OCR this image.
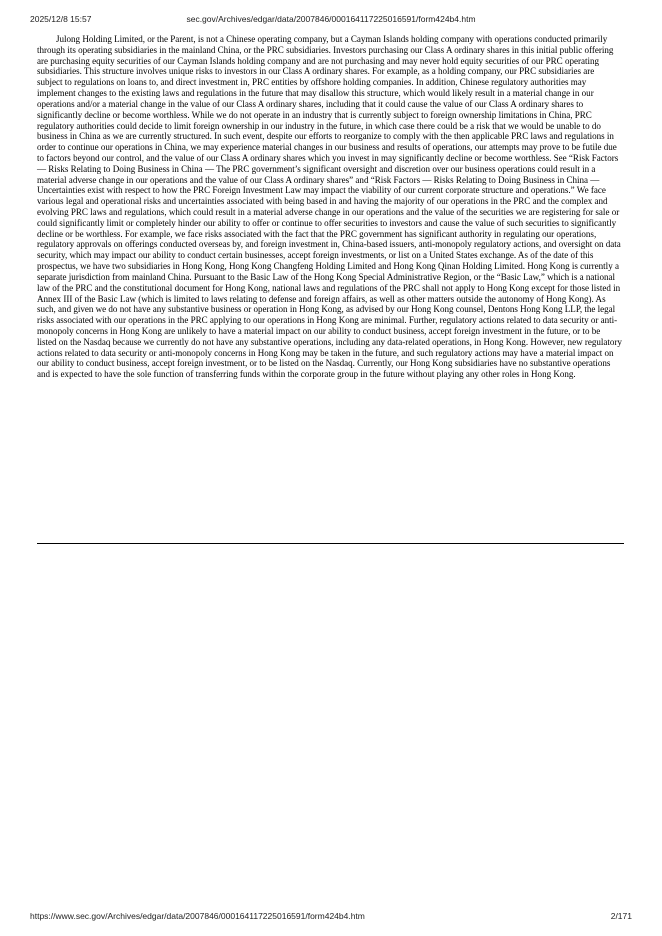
2025/12/8 15:57	sec.gov/Archives/edgar/data/2007846/000164117225016591/form424b4.htm

Julong Holding Limited, or the Parent, is not a Chinese operating company, but a Cayman Islands holding company with operations conducted primarily through its operating subsidiaries in the mainland China, or the PRC subsidiaries. Investors purchasing our Class A ordinary shares in this initial public offering are purchasing equity securities of our Cayman Islands holding company and are not purchasing and may never hold equity securities of our PRC operating subsidiaries. This structure involves unique risks to investors in our Class A ordinary shares. For example, as a holding company, our PRC subsidiaries are subject to regulations on loans to, and direct investment in, PRC entities by offshore holding companies. In addition, Chinese regulatory authorities may implement changes to the existing laws and regulations in the future that may disallow this structure, which would likely result in a material change in our operations and/or a material change in the value of our Class A ordinary shares, including that it could cause the value of our Class A ordinary shares to significantly decline or become worthless. While we do not operate in an industry that is currently subject to foreign ownership limitations in China, PRC regulatory authorities could decide to limit foreign ownership in our industry in the future, in which case there could be a risk that we would be unable to do business in China as we are currently structured. In such event, despite our efforts to reorganize to comply with the then applicable PRC laws and regulations in order to continue our operations in China, we may experience material changes in our business and results of operations, our attempts may prove to be futile due to factors beyond our control, and the value of our Class A ordinary shares which you invest in may significantly decline or become worthless. See “Risk Factors — Risks Relating to Doing Business in China — The PRC government’s significant oversight and discretion over our business operations could result in a material adverse change in our operations and the value of our Class A ordinary shares” and “Risk Factors — Risks Relating to Doing Business in China — Uncertainties exist with respect to how the PRC Foreign Investment Law may impact the viability of our current corporate structure and operations.” We face various legal and operational risks and uncertainties associated with being based in and having the majority of our operations in the PRC and the complex and evolving PRC laws and regulations, which could result in a material adverse change in our operations and the value of the securities we are registering for sale or could significantly limit or completely hinder our ability to offer or continue to offer securities to investors and cause the value of such securities to significantly decline or be worthless. For example, we face risks associated with the fact that the PRC government has significant authority in regulating our operations, regulatory approvals on offerings conducted overseas by, and foreign investment in, China-based issuers, anti-monopoly regulatory actions, and oversight on data security, which may impact our ability to conduct certain businesses, accept foreign investments, or list on a United States exchange. As of the date of this prospectus, we have two subsidiaries in Hong Kong, Hong Kong Changfeng Holding Limited and Hong Kong Qinan Holding Limited. Hong Kong is currently a separate jurisdiction from mainland China. Pursuant to the Basic Law of the Hong Kong Special Administrative Region, or the “Basic Law,” which is a national law of the PRC and the constitutional document for Hong Kong, national laws and regulations of the PRC shall not apply to Hong Kong except for those listed in Annex III of the Basic Law (which is limited to laws relating to defense and foreign affairs, as well as other matters outside the autonomy of Hong Kong). As such, and given we do not have any substantive business or operation in Hong Kong, as advised by our Hong Kong counsel, Dentons Hong Kong LLP, the legal risks associated with our operations in the PRC applying to our operations in Hong Kong are minimal. Further, regulatory actions related to data security or anti-monopoly concerns in Hong Kong are unlikely to have a material impact on our ability to conduct business, accept foreign investment in the future, or to be listed on the Nasdaq because we currently do not have any substantive operations, including any data-related operations, in Hong Kong. However, new regulatory actions related to data security or anti-monopoly concerns in Hong Kong may be taken in the future, and such regulatory actions may have a material impact on our ability to conduct business, accept foreign investment, or to be listed on the Nasdaq. Currently, our Hong Kong subsidiaries have no substantive operations and is expected to have the sole function of transferring funds within the corporate group in the future without playing any other roles in Hong Kong.

https://www.sec.gov/Archives/edgar/data/2007846/000164117225016591/form424b4.htm	2/171
